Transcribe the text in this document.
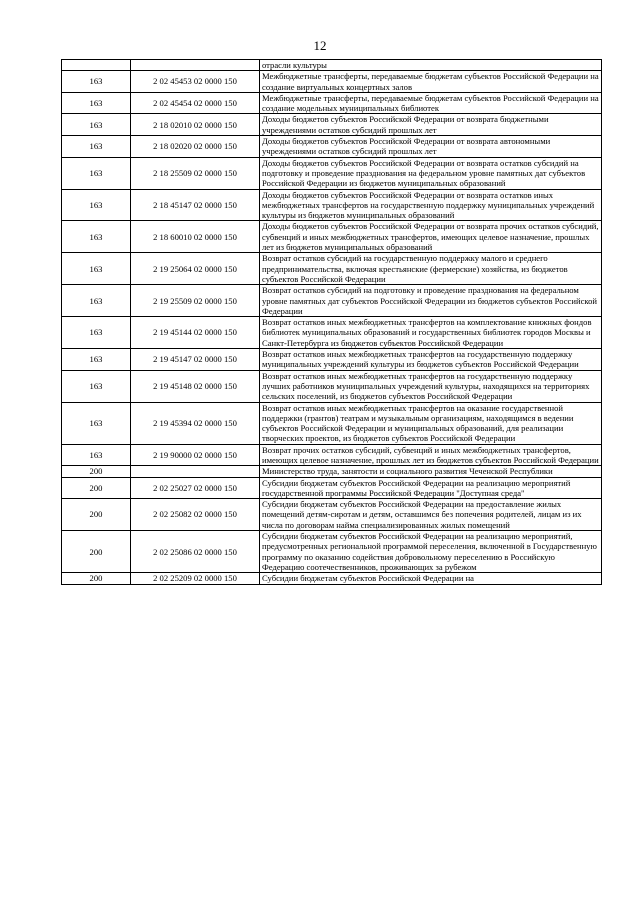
12
		отрасли культуры
163	2 02 45453 02 0000 150	Межбюджетные трансферты, передаваемые бюджетам субъектов Российской Федерации на создание виртуальных концертных залов
163	2 02 45454 02 0000 150	Межбюджетные трансферты, передаваемые бюджетам субъектов Российской Федерации на создание модельных муниципальных библиотек
163	2 18 02010 02 0000 150	Доходы бюджетов субъектов Российской Федерации от возврата бюджетными учреждениями остатков субсидий прошлых лет
163	2 18 02020 02 0000 150	Доходы бюджетов субъектов Российской Федерации от возврата автономными учреждениями остатков субсидий прошлых лет
163	2 18 25509 02 0000 150	Доходы бюджетов субъектов Российской Федерации от возврата остатков субсидий на подготовку и проведение празднования на федеральном уровне памятных дат субъектов Российской Федерации из бюджетов муниципальных образований
163	2 18 45147 02 0000 150	Доходы бюджетов субъектов Российской Федерации от возврата остатков иных межбюджетных трансфертов на государственную поддержку муниципальных учреждений культуры из бюджетов муниципальных образований
163	2 18 60010 02 0000 150	Доходы бюджетов субъектов Российской Федерации от возврата прочих остатков субсидий, субвенций и иных межбюджетных трансфертов, имеющих целевое назначение, прошлых лет из бюджетов муниципальных образований
163	2 19 25064 02 0000 150	Возврат остатков субсидий на государственную поддержку малого и среднего предпринимательства, включая крестьянские (фермерские) хозяйства, из бюджетов субъектов Российской Федерации
163	2 19 25509 02 0000 150	Возврат остатков субсидий на подготовку и проведение празднования на федеральном уровне памятных дат субъектов Российской Федерации из бюджетов субъектов Российской Федерации
163	2 19 45144 02 0000 150	Возврат остатков иных межбюджетных трансфертов на комплектование книжных фондов библиотек муниципальных образований и государственных библиотек городов Москвы и Санкт-Петербурга из бюджетов субъектов Российской Федерации
163	2 19 45147 02 0000 150	Возврат остатков иных межбюджетных трансфертов на государственную поддержку муниципальных учреждений культуры из бюджетов субъектов Российской Федерации
163	2 19 45148 02 0000 150	Возврат остатков иных межбюджетных трансфертов на государственную поддержку лучших работников муниципальных учреждений культуры, находящихся на территориях сельских поселений, из бюджетов субъектов Российской Федерации
163	2 19 45394 02 0000 150	Возврат остатков иных межбюджетных трансфертов на оказание государственной поддержки (грантов) театрам и музыкальным организациям, находящимся в ведении субъектов Российской Федерации и муниципальных образований, для реализации творческих проектов, из бюджетов субъектов Российской Федерации
163	2 19 90000 02 0000 150	Возврат прочих остатков субсидий, субвенций и иных межбюджетных трансфертов, имеющих целевое назначение, прошлых лет из бюджетов субъектов Российской Федерации
200		Министерство труда, занятости и социального развития Чеченской Республики
200	2 02 25027 02 0000 150	Субсидии бюджетам субъектов Российской Федерации на реализацию мероприятий государственной программы Российской Федерации "Доступная среда"
200	2 02 25082 02 0000 150	Субсидии бюджетам субъектов Российской Федерации на предоставление жилых помещений детям-сиротам и детям, оставшимся без попечения родителей, лицам из их числа по договорам найма специализированных жилых помещений
200	2 02 25086 02 0000 150	Субсидии бюджетам субъектов Российской Федерации на реализацию мероприятий, предусмотренных региональной программой переселения, включенной в Государственную программу по оказанию содействия добровольному переселению в Российскую Федерацию соотечественников, проживающих за рубежом
200	2 02 25209 02 0000 150	Субсидии бюджетам субъектов Российской Федерации на
